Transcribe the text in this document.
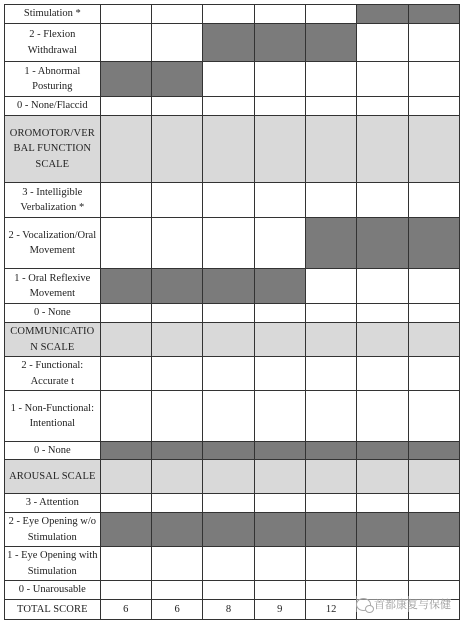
Stimulation *							
2 - Flexion Withdrawal							
1 - Abnormal Posturing							
0 - None/Flaccid							
OROMOTOR/VERBAL FUNCTION SCALE							
3 - Intelligible Verbalization *							
2 - Vocalization/Oral Movement							
1 - Oral Reflexive Movement							
0 - None							
COMMUNICATION SCALE							
2 - Functional: Accurate t							
1 - Non-Functional: Intentional							
0 - None							
AROUSAL SCALE							
3 - Attention							
2 - Eye Opening w/o Stimulation							
1 - Eye Opening with Stimulation							
0 - Unarousable							
TOTAL SCORE	6	6	8	9	12			首都康复与保健
